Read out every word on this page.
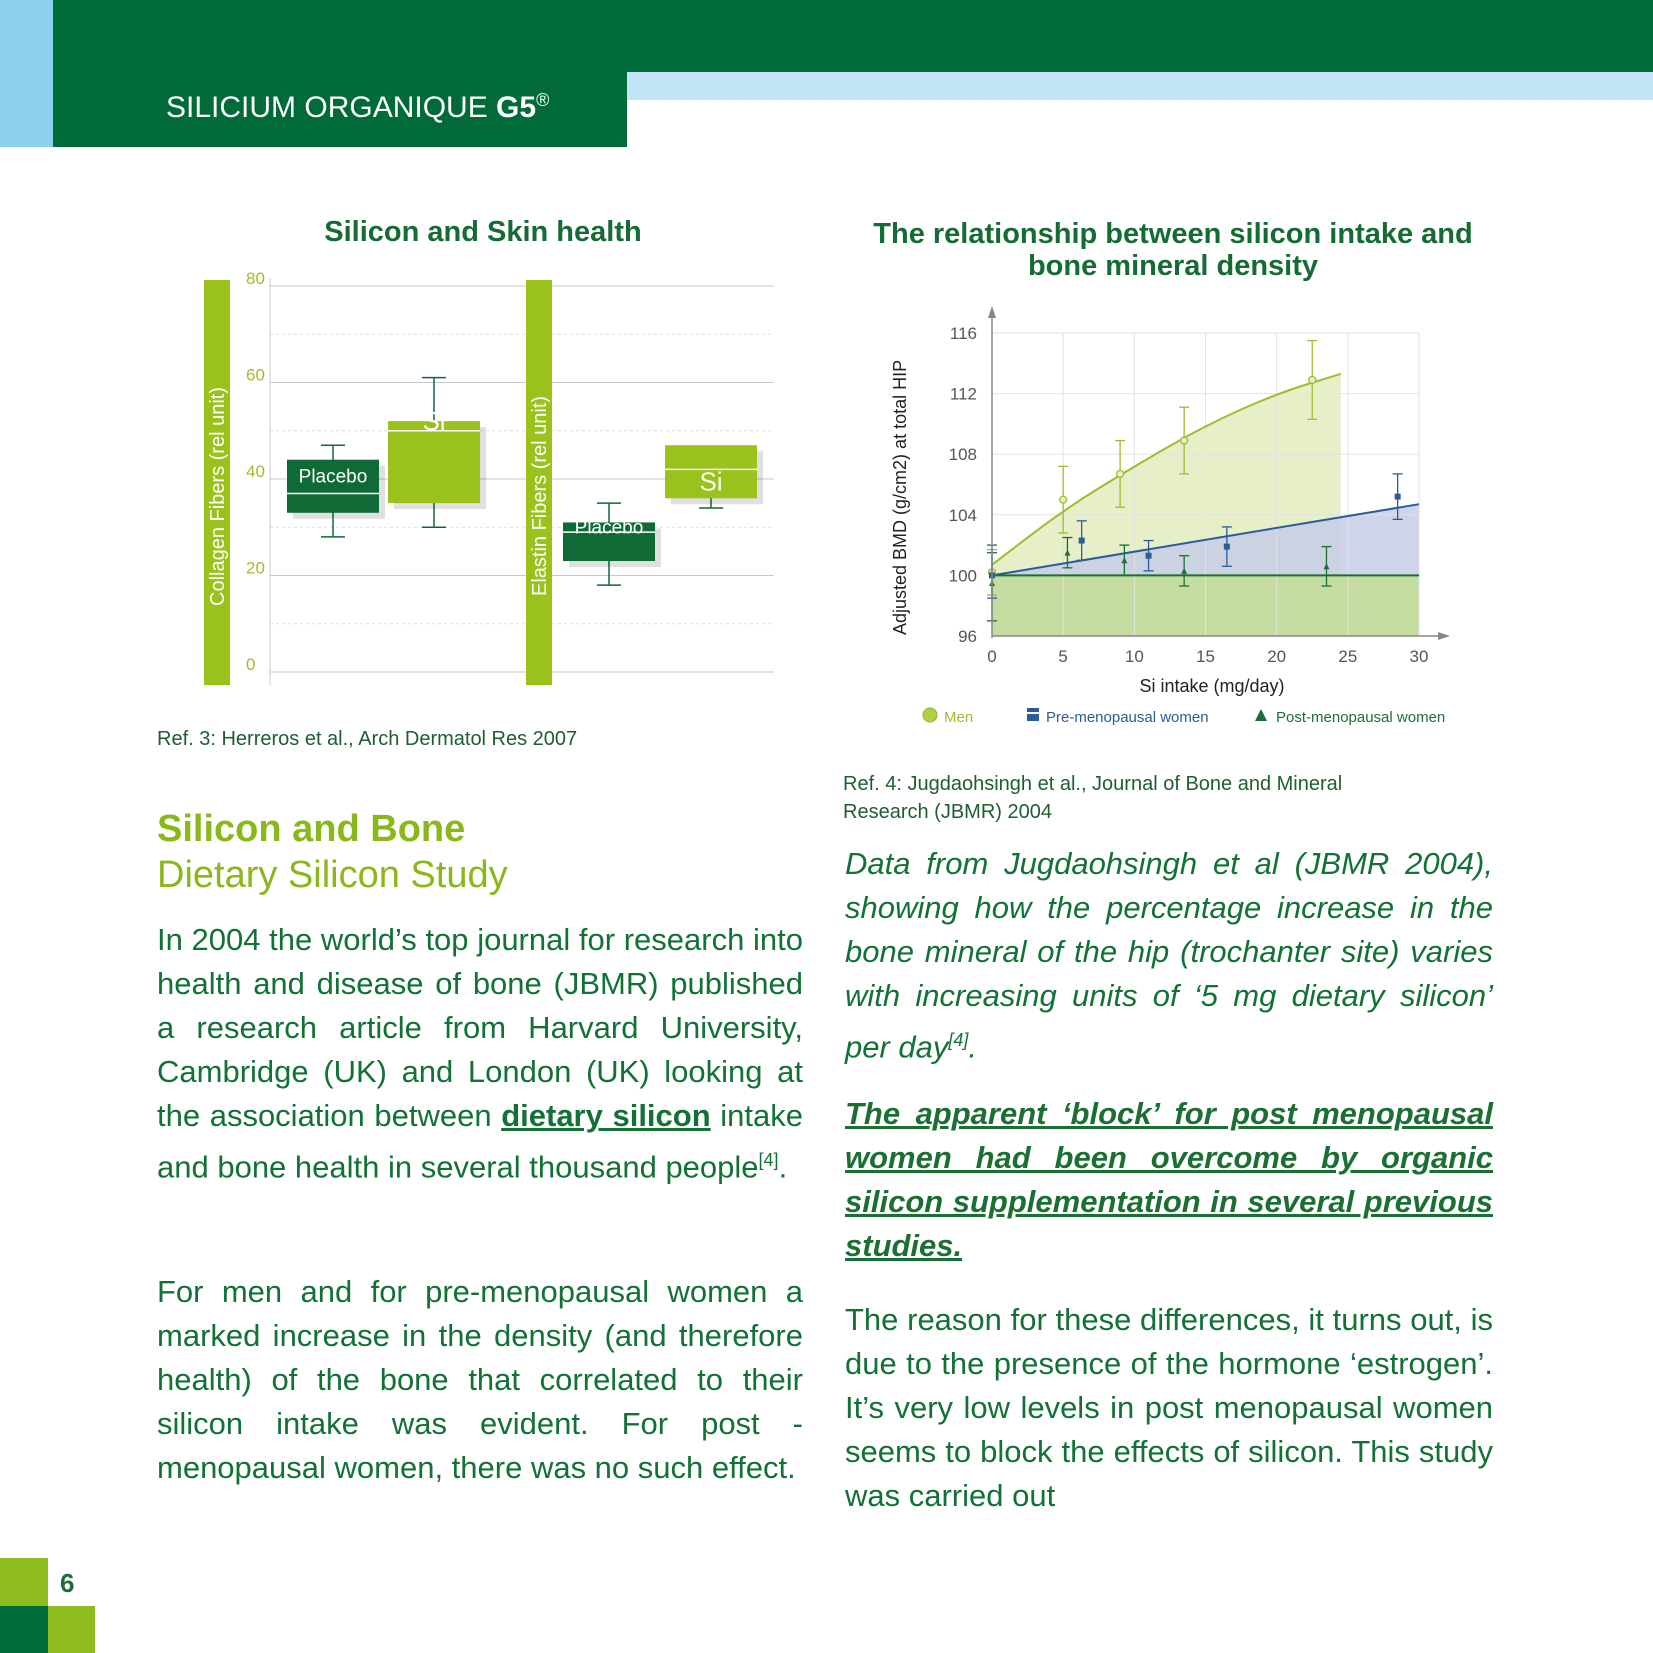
SILICIUM ORGANIQUE G5®
Silicon and Skin health
Collagen Fibers (rel unit)	Elastin Fibers (rel unit)
0
20
40
60
80
Placebo
Si
Placebo
Si
Ref. 3: Herreros et al., Arch Dermatol Res 2007
The relationship between silicon intake and
bone mineral density
96
100
104
108
112
116
0	5	10	15	20	25	30
Adjusted BMD (g/cm2) at total HIP
Si intake (mg/day)
Men	Pre-menopausal women	Post-menopausal women
Ref. 4: Jugdaohsingh et al., Journal of Bone and Mineral
Research (JBMR) 2004
Silicon and Bone
Dietary Silicon Study
In 2004 the world’s top journal for research into health and disease of bone (JBMR) published a research article from Harvard University, Cambridge (UK) and London (UK) looking at the association between dietary silicon intake and bone health in several thousand people[4].
For men and for pre-menopausal women a marked increase in the density (and therefore health) of the bone that correlated to their silicon intake was evident. For post - menopausal women, there was no such effect.
Data from Jugdaohsingh et al (JBMR 2004), showing how the percentage increase in the bone mineral of the hip (trochanter site) varies with increasing units of ‘5 mg dietary silicon’ per day[4].
The apparent ‘block’ for post menopausal women had been overcome by organic silicon supplementation in several previous studies.
The reason for these differences, it turns out, is due to the presence of the hormone ‘estrogen’. It’s very low levels in post menopausal women seems to block the effects of silicon. This study was carried out
6
